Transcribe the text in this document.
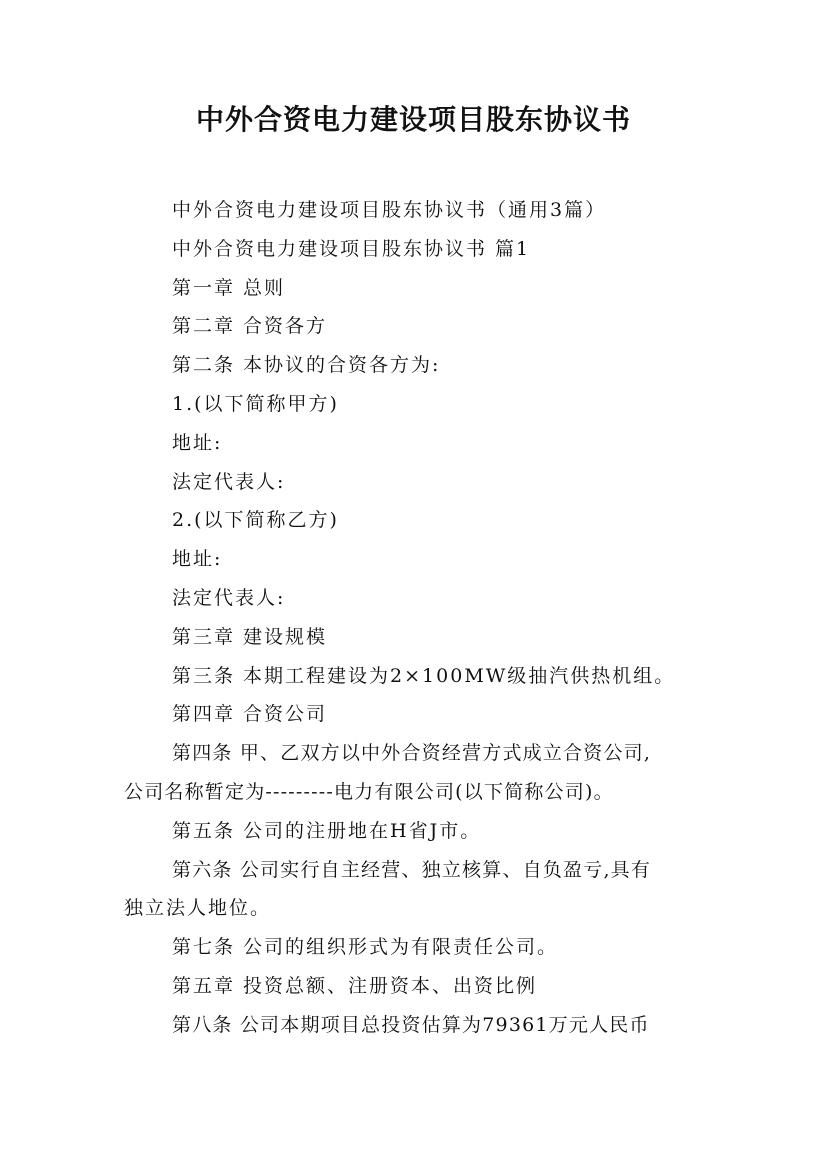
中外合资电力建设项目股东协议书
中外合资电力建设项目股东协议书（通用3篇）
中外合资电力建设项目股东协议书 篇1
第一章 总则
第二章 合资各方
第二条 本协议的合资各方为:
1.(以下简称甲方)
地址:
法定代表人:
2.(以下简称乙方)
地址:
法定代表人:
第三章 建设规模
第三条 本期工程建设为2×100MW级抽汽供热机组。
第四章 合资公司
第四条 甲、乙双方以中外合资经营方式成立合资公司,
公司名称暂定为---------电力有限公司(以下简称公司)。
第五条 公司的注册地在H省J市。
第六条 公司实行自主经营、独立核算、自负盈亏,具有
独立法人地位。
第七条 公司的组织形式为有限责任公司。
第五章 投资总额、注册资本、出资比例
第八条 公司本期项目总投资估算为79361万元人民币
